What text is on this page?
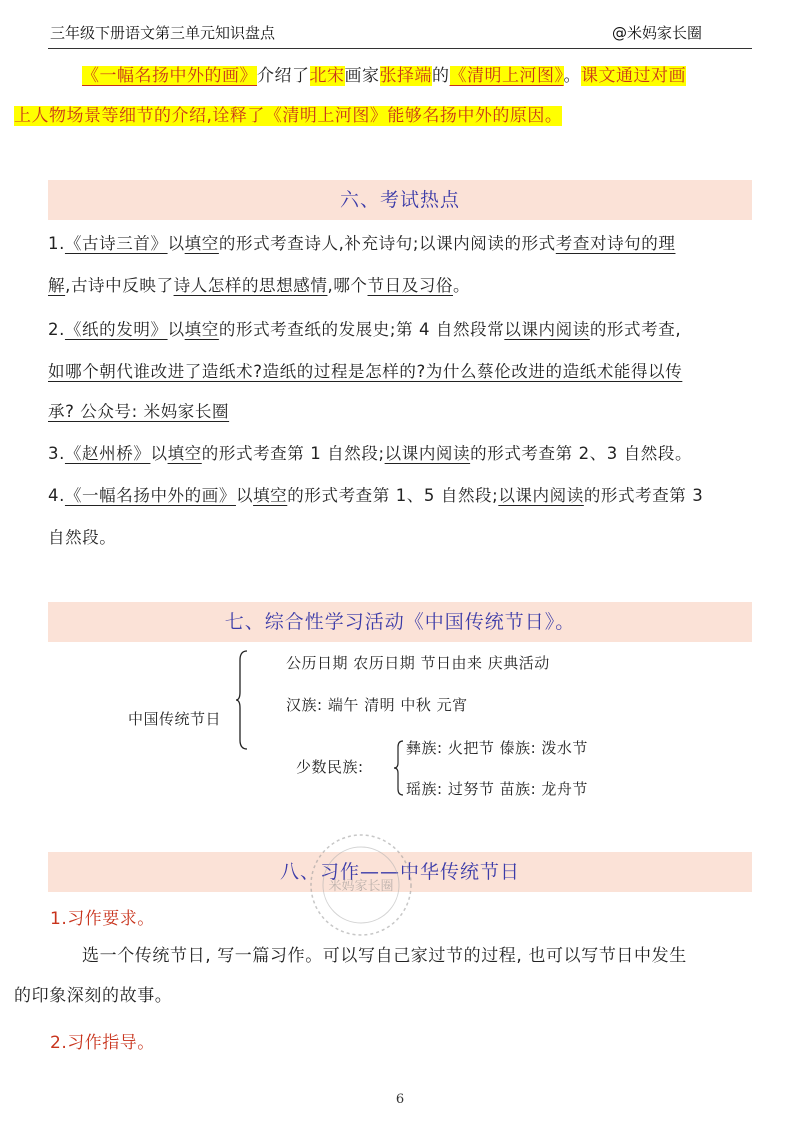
三年级下册语文第三单元知识盘点	@米妈家长圈
《一幅名扬中外的画》介绍了北宋画家张择端的《清明上河图》。课文通过对画
上人物场景等细节的介绍,诠释了《清明上河图》能够名扬中外的原因。
六、考试热点
1.《古诗三首》以填空的形式考查诗人,补充诗句;以课内阅读的形式考查对诗句的理
解,古诗中反映了诗人怎样的思想感情,哪个节日及习俗。
2.《纸的发明》以填空的形式考查纸的发展史;第 4 自然段常以课内阅读的形式考查,
如哪个朝代谁改进了造纸术?造纸的过程是怎样的?为什么蔡伦改进的造纸术能得以传
承? 公众号: 米妈家长圈
3.《赵州桥》以填空的形式考查第 1 自然段;以课内阅读的形式考查第 2、3 自然段。
4.《一幅名扬中外的画》以填空的形式考查第 1、5 自然段;以课内阅读的形式考查第 3
自然段。
七、综合性学习活动《中国传统节日》。
中国传统节日
公历日期 农历日期 节日由来 庆典活动
汉族: 端午 清明 中秋 元宵
少数民族:
彝族: 火把节 傣族: 泼水节
瑶族: 过努节 苗族: 龙舟节
八、习作——中华传统节日
1.习作要求。
选一个传统节日, 写一篇习作。可以写自己家过节的过程, 也可以写节日中发生
的印象深刻的故事。
2.习作指导。
米妈家长圈
6
